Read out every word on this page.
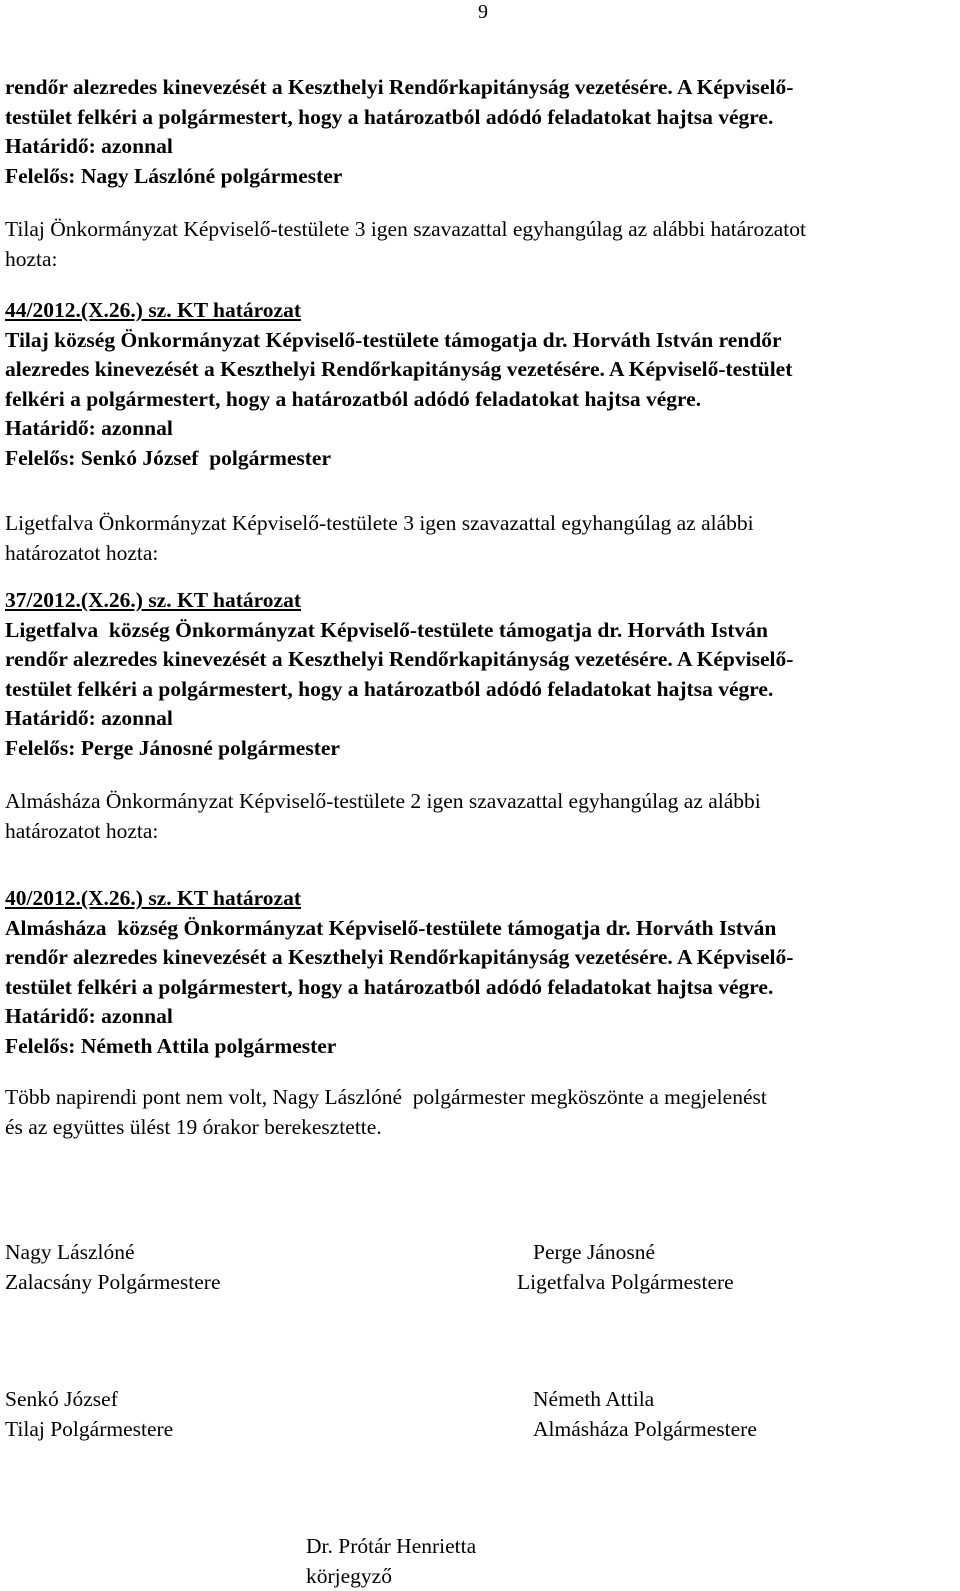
9
rendőr alezredes kinevezését a Keszthelyi Rendőrkapitányság vezetésére. A Képviselő-
testület felkéri a polgármestert, hogy a határozatból adódó feladatokat hajtsa végre.
Határidő: azonnal
Felelős: Nagy Lászlóné polgármester
Tilaj Önkormányzat Képviselő-testülete 3 igen szavazattal egyhangúlag az alábbi határozatot
hozta:
44/2012.(X.26.) sz. KT határozat
Tilaj község Önkormányzat Képviselő-testülete támogatja dr. Horváth István rendőr
alezredes kinevezését a Keszthelyi Rendőrkapitányság vezetésére. A Képviselő-testület
felkéri a polgármestert, hogy a határozatból adódó feladatokat hajtsa végre.
Határidő: azonnal
Felelős: Senkó József  polgármester
Ligetfalva Önkormányzat Képviselő-testülete 3 igen szavazattal egyhangúlag az alábbi
határozatot hozta:
37/2012.(X.26.) sz. KT határozat
Ligetfalva  község Önkormányzat Képviselő-testülete támogatja dr. Horváth István
rendőr alezredes kinevezését a Keszthelyi Rendőrkapitányság vezetésére. A Képviselő-
testület felkéri a polgármestert, hogy a határozatból adódó feladatokat hajtsa végre.
Határidő: azonnal
Felelős: Perge Jánosné polgármester
Almásháza Önkormányzat Képviselő-testülete 2 igen szavazattal egyhangúlag az alábbi
határozatot hozta:
40/2012.(X.26.) sz. KT határozat
Almásháza  község Önkormányzat Képviselő-testülete támogatja dr. Horváth István
rendőr alezredes kinevezését a Keszthelyi Rendőrkapitányság vezetésére. A Képviselő-
testület felkéri a polgármestert, hogy a határozatból adódó feladatokat hajtsa végre.
Határidő: azonnal
Felelős: Németh Attila polgármester
Több napirendi pont nem volt, Nagy Lászlóné  polgármester megköszönte a megjelenést
és az együttes ülést 19 órakor berekesztette.
Nagy Lászlóné
Zalacsány Polgármestere
Perge Jánosné
Ligetfalva Polgármestere
Senkó József
Tilaj Polgármestere
Németh Attila
Almásháza Polgármestere
Dr. Prótár Henrietta
körjegyző
